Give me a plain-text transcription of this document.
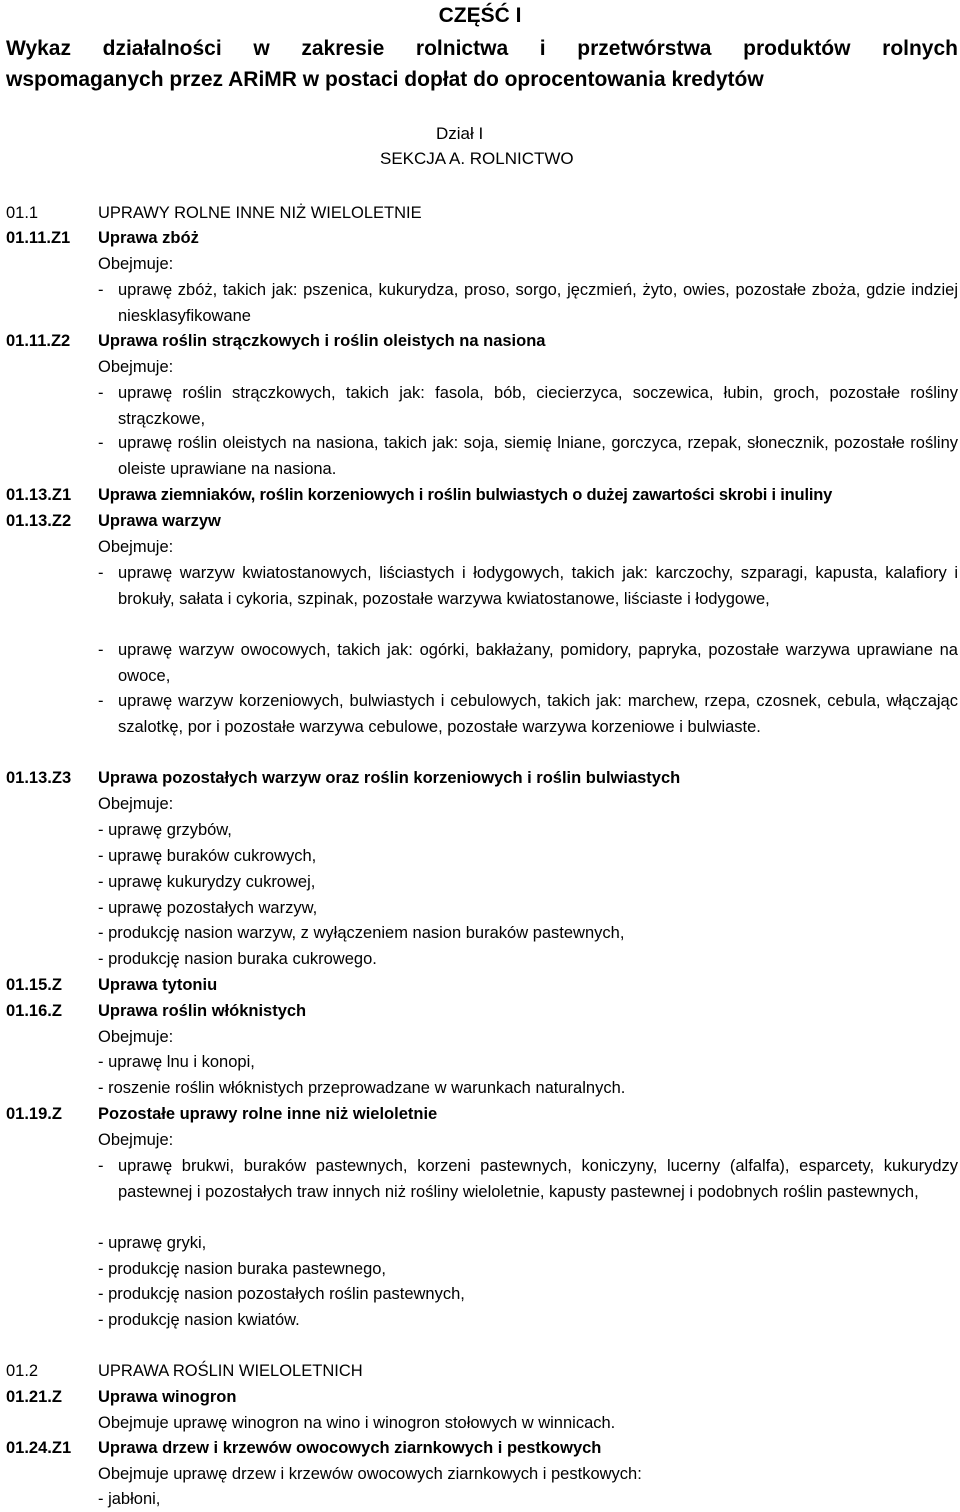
CZĘŚĆ I
Wykaz działalności w zakresie rolnictwa i przetwórstwa produktów rolnych
wspomaganych przez ARiMR w postaci dopłat do oprocentowania kredytów
Dział I
SEKCJA A. ROLNICTWO
01.1	UPRAWY ROLNE INNE NIŻ WIELOLETNIE
01.11.Z1 Uprawa zbóż
Obejmuje:
- uprawę zbóż, takich jak: pszenica, kukurydza, proso, sorgo, jęczmień, żyto, owies, pozostałe zboża, gdzie indziej niesklasyfikowane
01.11.Z2 Uprawa roślin strączkowych i roślin oleistych na nasiona
Obejmuje:
- uprawę roślin strączkowych, takich jak: fasola, bób, ciecierzyca, soczewica, łubin, groch, pozostałe rośliny strączkowe,
- uprawę roślin oleistych na nasiona, takich jak: soja, siemię lniane, gorczyca, rzepak, słonecznik, pozostałe rośliny oleiste uprawiane na nasiona.
01.13.Z1 Uprawa ziemniaków, roślin korzeniowych i roślin bulwiastych o dużej zawartości skrobi i inuliny
01.13.Z2 Uprawa warzyw
Obejmuje:
- uprawę warzyw kwiatostanowych, liściastych i łodygowych, takich jak: karczochy, szparagi, kapusta, kalafiory i brokuły, sałata i cykoria, szpinak, pozostałe warzywa kwiatostanowe, liściaste i łodygowe,
- uprawę warzyw owocowych, takich jak: ogórki, bakłażany, pomidory, papryka, pozostałe warzywa uprawiane na owoce,
- uprawę warzyw korzeniowych, bulwiastych i cebulowych, takich jak: marchew, rzepa, czosnek, cebula, włączając szalotkę, por i pozostałe warzywa cebulowe, pozostałe warzywa korzeniowe i bulwiaste.
01.13.Z3 Uprawa pozostałych warzyw oraz roślin korzeniowych i roślin bulwiastych
Obejmuje:
- uprawę grzybów,
- uprawę buraków cukrowych,
- uprawę kukurydzy cukrowej,
- uprawę pozostałych warzyw,
- produkcję nasion warzyw, z wyłączeniem nasion buraków pastewnych,
- produkcję nasion buraka cukrowego.
01.15.Z Uprawa tytoniu
01.16.Z Uprawa roślin włóknistych
Obejmuje:
- uprawę lnu i konopi,
- roszenie roślin włóknistych przeprowadzane w warunkach naturalnych.
01.19.Z Pozostałe uprawy rolne inne niż wieloletnie
Obejmuje:
- uprawę brukwi, buraków pastewnych, korzeni pastewnych, koniczyny, lucerny (alfalfa), esparcety, kukurydzy pastewnej i pozostałych traw innych niż rośliny wieloletnie, kapusty pastewnej i podobnych roślin pastewnych,
- uprawę gryki,
- produkcję nasion buraka pastewnego,
- produkcję nasion pozostałych roślin pastewnych,
- produkcję nasion kwiatów.
01.2	UPRAWA ROŚLIN WIELOLETNICH
01.21.Z Uprawa winogron
Obejmuje uprawę winogron na wino i winogron stołowych w winnicach.
01.24.Z1 Uprawa drzew i krzewów owocowych ziarnkowych i pestkowych
Obejmuje uprawę drzew i krzewów owocowych ziarnkowych i pestkowych:
- jabłoni,
